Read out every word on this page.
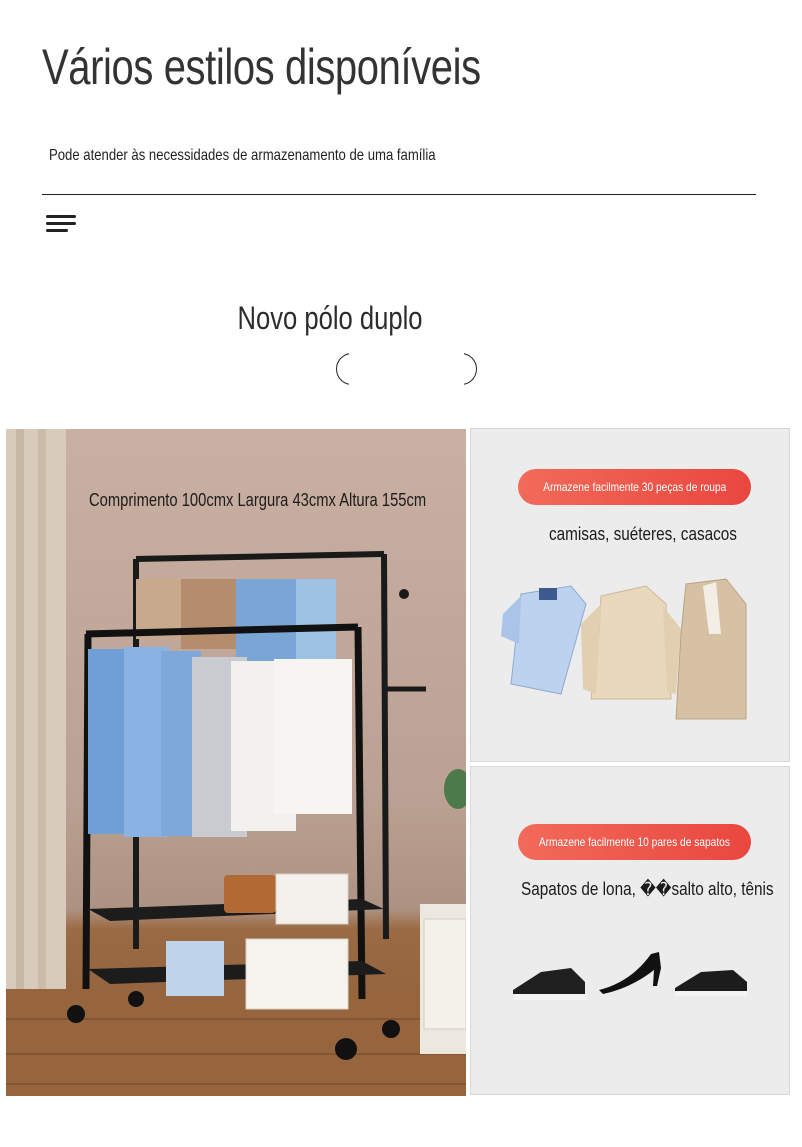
Vários estilos disponíveis
Pode atender às necessidades de armazenamento de uma família
Novo pólo duplo
Comprimento 100cmx Largura 43cmx Altura 155cm
Armazene facilmente 30 peças de roupa
camisas, suéteres, casacos
Armazene facilmente 10 pares de sapatos
Sapatos de lona, ��salto alto, tênis
